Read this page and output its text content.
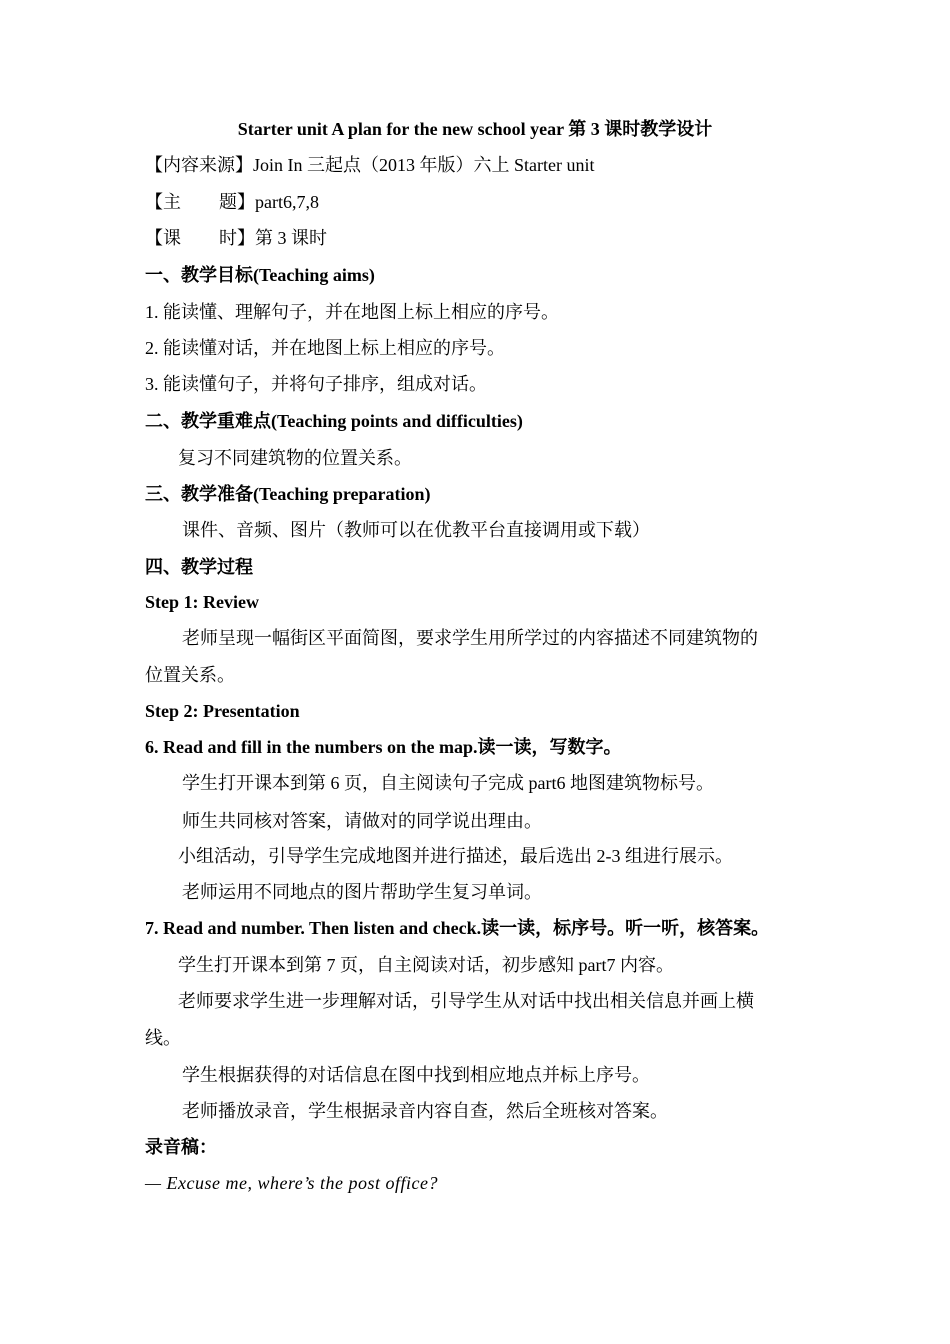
Starter unit A plan for the new school year 第 3 课时教学设计
【内容来源】Join In 三起点（2013 年版）六上 Starter unit
【主 题】part6,7,8
【课 时】第 3 课时
一、教学目标(Teaching aims)
1. 能读懂、理解句子，并在地图上标上相应的序号。
2. 能读懂对话，并在地图上标上相应的序号。
3. 能读懂句子，并将句子排序，组成对话。
二、教学重难点(Teaching points and difficulties)
复习不同建筑物的位置关系。
三、教学准备(Teaching preparation)
课件、音频、图片（教师可以在优教平台直接调用或下载）
四、教学过程
Step 1: Review
老师呈现一幅街区平面简图，要求学生用所学过的内容描述不同建筑物的
位置关系。
Step 2: Presentation
6. Read and fill in the numbers on the map.读一读，写数字。
学生打开课本到第 6 页，自主阅读句子完成 part6 地图建筑物标号。
师生共同核对答案，请做对的同学说出理由。
小组活动，引导学生完成地图并进行描述，最后选出 2-3 组进行展示。
老师运用不同地点的图片帮助学生复习单词。
7. Read and number. Then listen and check.读一读，标序号。听一听，核答案。
学生打开课本到第 7 页，自主阅读对话，初步感知 part7 内容。
老师要求学生进一步理解对话，引导学生从对话中找出相关信息并画上横
线。
学生根据获得的对话信息在图中找到相应地点并标上序号。
老师播放录音，学生根据录音内容自查，然后全班核对答案。
录音稿：
— Excuse me, where’s the post office?
